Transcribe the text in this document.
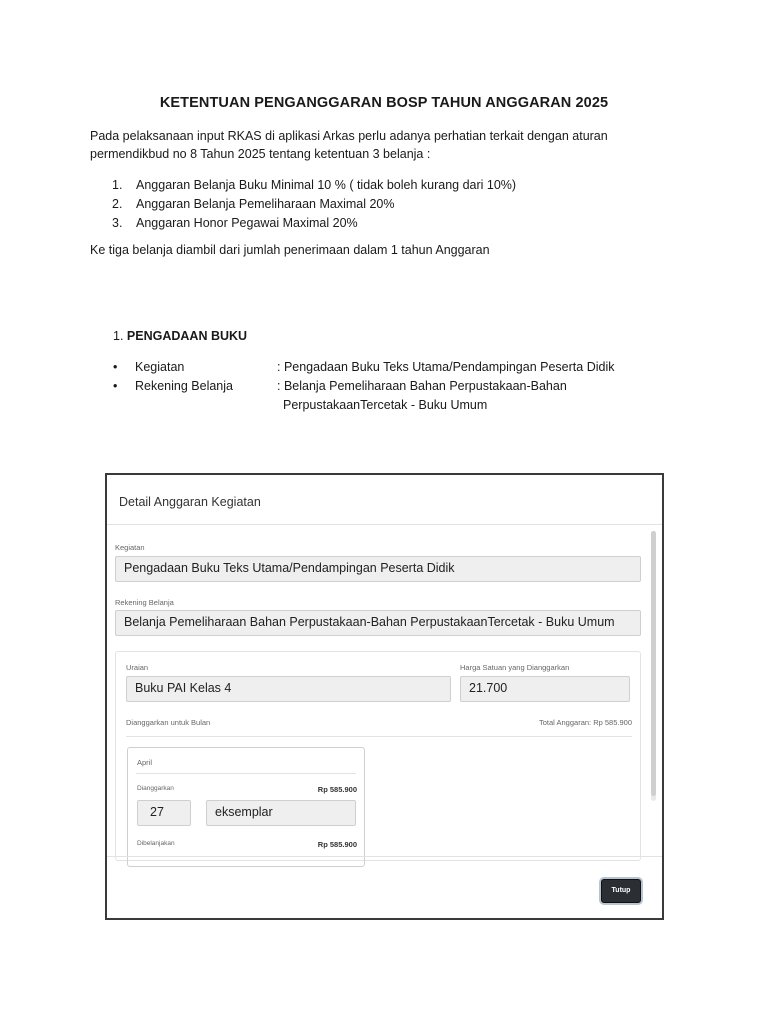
KETENTUAN PENGANGGARAN BOSP TAHUN ANGGARAN 2025
Pada pelaksanaan input RKAS di aplikasi Arkas perlu adanya perhatian terkait dengan aturan permendikbud no 8 Tahun 2025 tentang ketentuan 3 belanja :
1.	Anggaran Belanja Buku Minimal 10 % ( tidak boleh kurang dari 10%)
2.	Anggaran Belanja Pemeliharaan Maximal 20%
3.	Anggaran Honor Pegawai Maximal 20%
Ke tiga belanja diambil dari jumlah penerimaan dalam 1 tahun Anggaran
1. PENGADAAN BUKU
•	Kegiatan	: Pengadaan Buku Teks Utama/Pendampingan Peserta Didik
•	Rekening Belanja	: Belanja Pemeliharaan Bahan Perpustakaan-Bahan
PerpustakaanTercetak - Buku Umum
Detail Anggaran Kegiatan
Kegiatan
Pengadaan Buku Teks Utama/Pendampingan Peserta Didik
Rekening Belanja
Belanja Pemeliharaan Bahan Perpustakaan-Bahan PerpustakaanTercetak - Buku Umum
Uraian
Buku PAI Kelas 4
Harga Satuan yang Dianggarkan
21.700
Dianggarkan untuk Bulan	Total Anggaran: Rp 585.900
April
Dianggarkan	Rp 585.900
27	eksemplar
Dibelanjakan	Rp 585.900
Tutup
